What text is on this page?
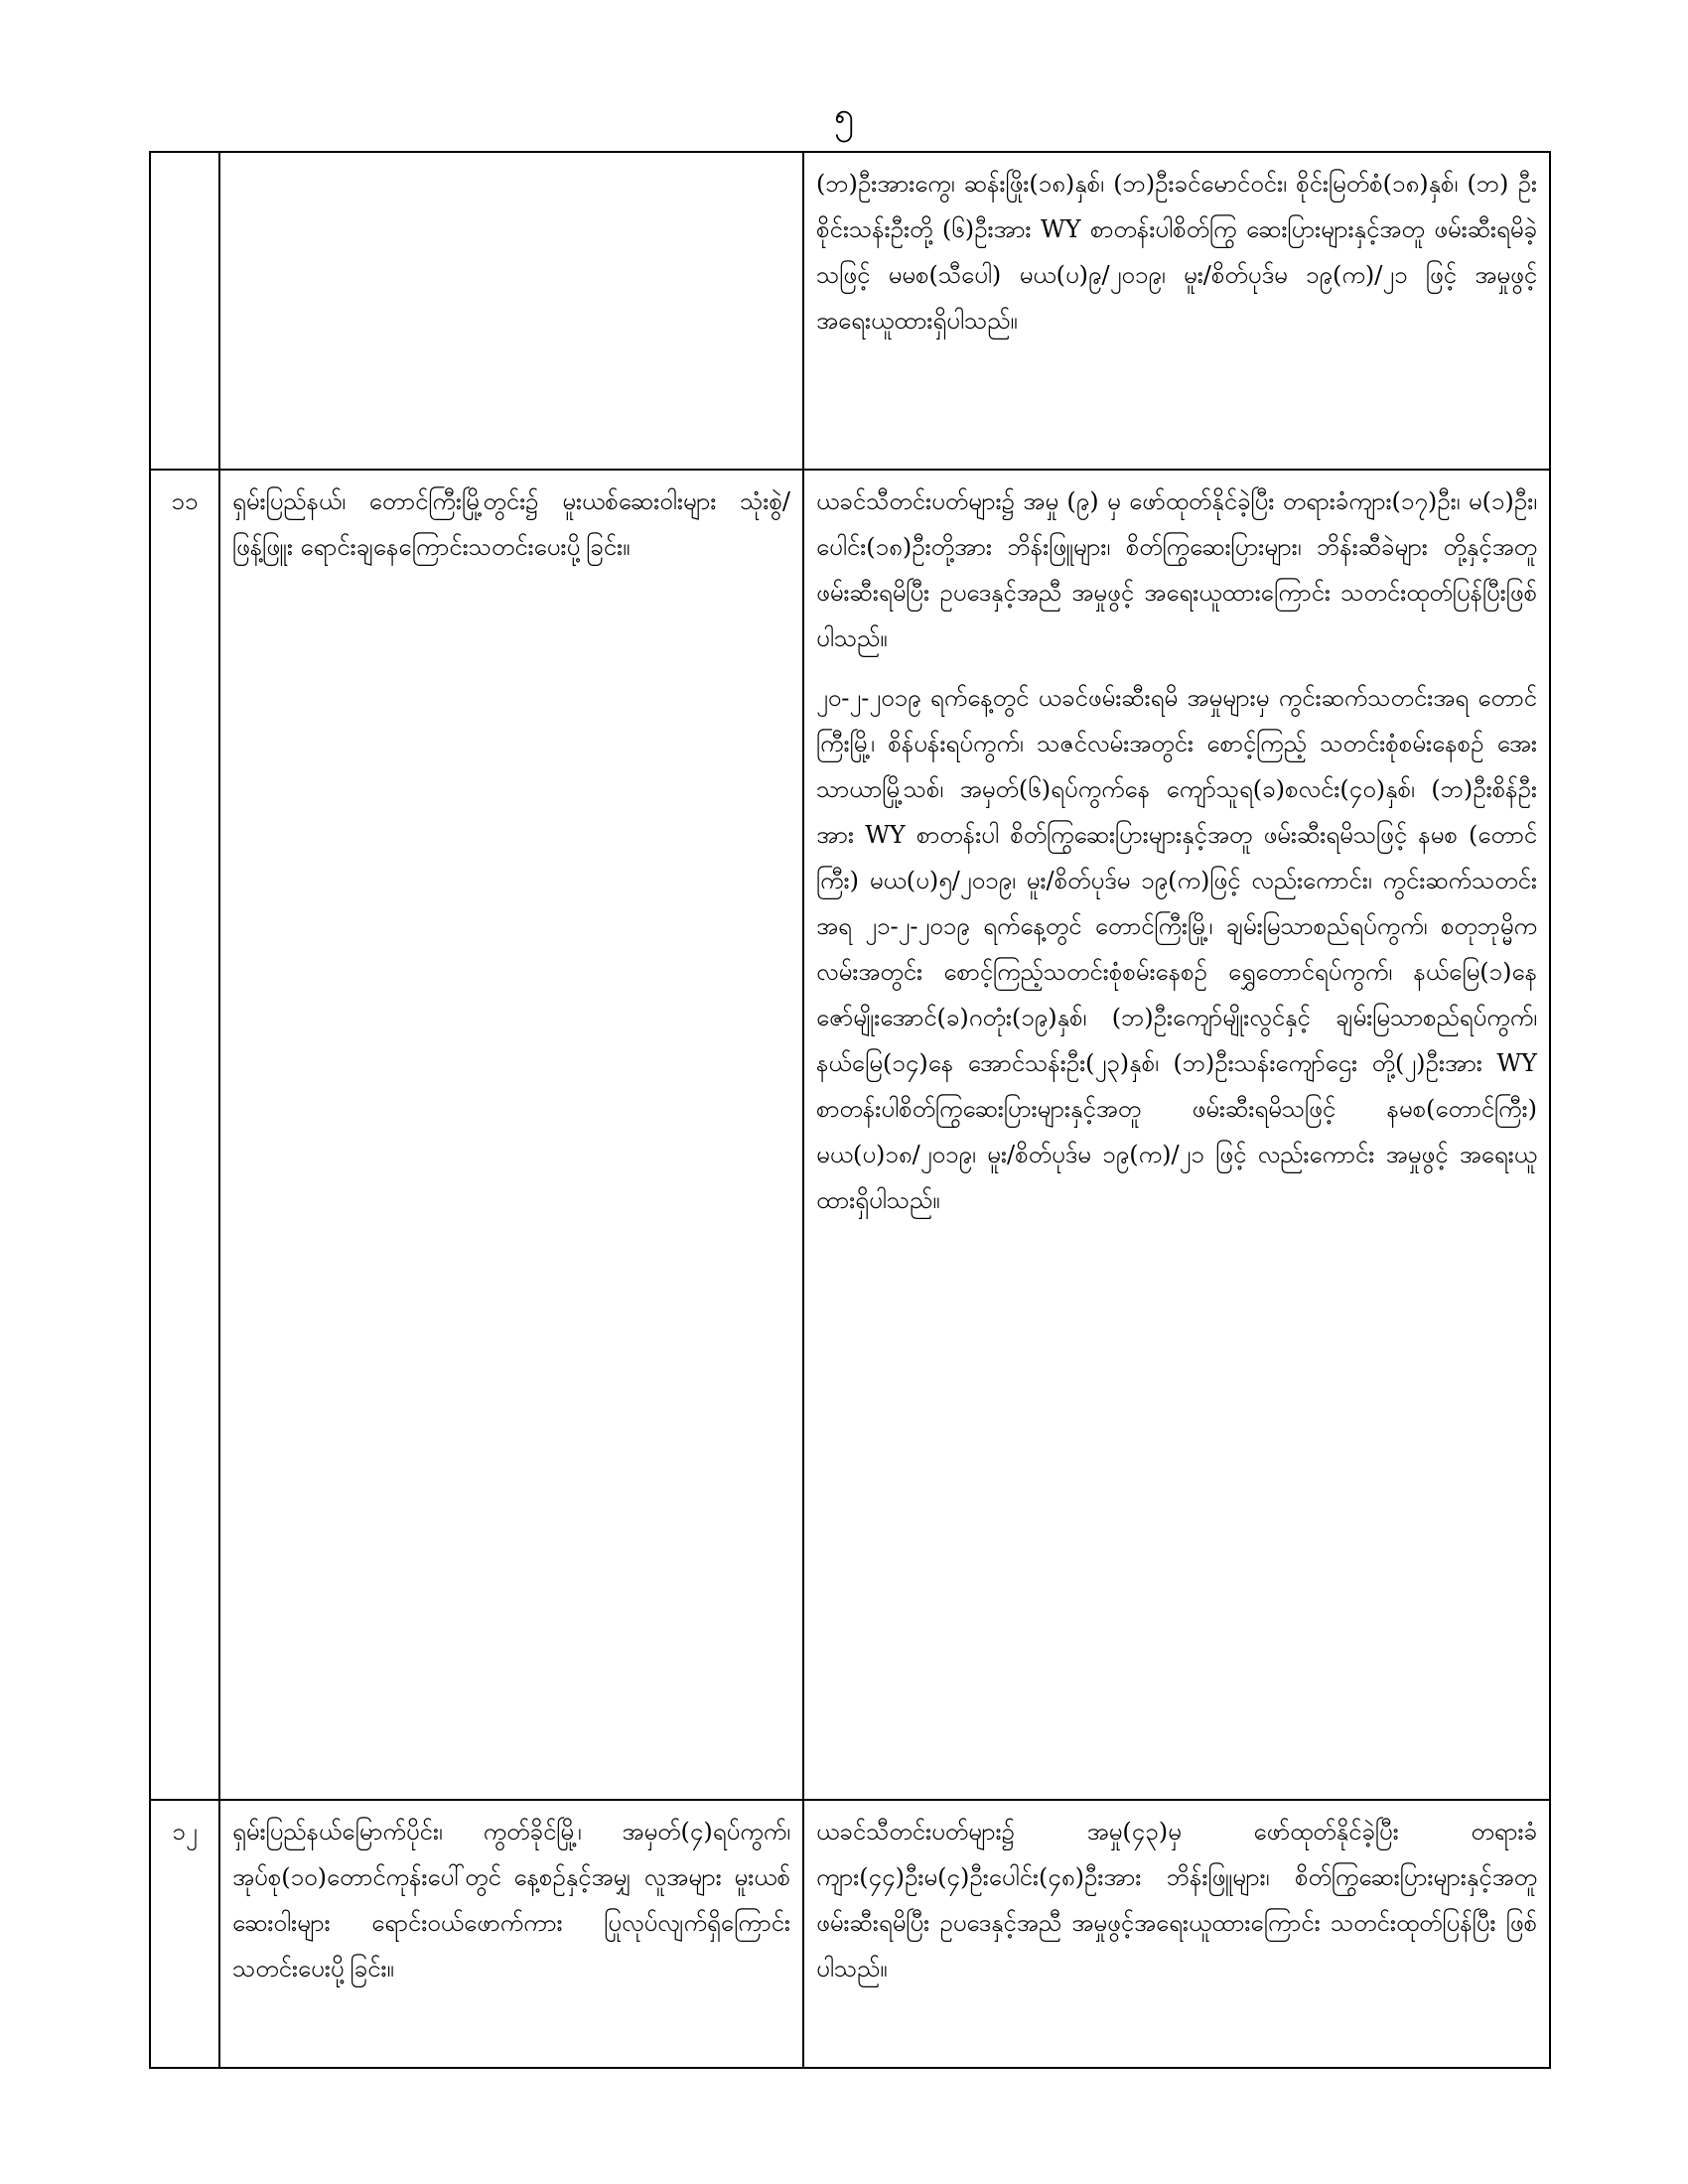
၅

		(ဘ)ဦးအားကွေ၊ ဆန်းဖြိုး(၁၈)နှစ်၊ (ဘ)ဦးခင်မောင်ဝင်း၊ စိုင်းမြတ်စံ(၁၈)နှစ်၊ (ဘ) ဦးစိုင်းသန်းဦးတို့ (၆)ဦးအား WY စာတန်းပါစိတ်ကြွ ဆေးပြားများနှင့်အတူ ဖမ်းဆီးရမိခဲ့သဖြင့် မမစ(သီပေါ) မယ(ပ)၉/၂၀၁၉၊ မူး/စိတ်ပုဒ်မ ၁၉(က)/၂၁ ဖြင့် အမှုဖွင့် အရေးယူထားရှိပါသည်။

၁၁	ရှမ်းပြည်နယ်၊ တောင်ကြီးမြို့တွင်း၌ မူးယစ်ဆေးဝါးများ သုံးစွဲ/ဖြန့်ဖြူး ရောင်းချနေကြောင်းသတင်းပေးပို့ခြင်း။	ယခင်သီတင်းပတ်များ၌ အမှု (၉) မှ ဖော်ထုတ်နိုင်ခဲ့ပြီး တရားခံကျား(၁၇)ဦး၊ မ(၁)ဦး၊ ပေါင်း(၁၈)ဦးတို့အား ဘိန်းဖြူများ၊ စိတ်ကြွဆေးပြားများ၊ ဘိန်းဆီခဲများ တို့နှင့်အတူဖမ်းဆီးရမိပြီး ဥပဒေနှင့်အညီ အမှုဖွင့် အရေးယူထားကြောင်း သတင်းထုတ်ပြန်ပြီးဖြစ် ပါသည်။

၂၀-၂-၂၀၁၉ ရက်နေ့တွင် ယခင်ဖမ်းဆီးရမိ အမှုများမှ ကွင်းဆက်သတင်းအရ တောင်ကြီးမြို့၊ စိန်ပန်းရပ်ကွက်၊ သဇင်လမ်းအတွင်း စောင့်ကြည့် သတင်းစုံစမ်းနေစဉ် အေးသာယာမြို့သစ်၊ အမှတ်(၆)ရပ်ကွက်နေ ကျော်သူရ(ခ)စလင်း(၄၀)နှစ်၊ (ဘ)ဦးစိန်ဦးအား WY စာတန်းပါ စိတ်ကြွဆေးပြားများနှင့်အတူ ဖမ်းဆီးရမိသဖြင့် နမစ (တောင်ကြီး) မယ(ပ)၅/၂၀၁၉၊ မူး/စိတ်ပုဒ်မ ၁၉(က)ဖြင့် လည်းကောင်း၊ ကွင်းဆက်သတင်းအရ ၂၁-၂-၂၀၁၉ ရက်နေ့တွင် တောင်ကြီးမြို့၊ ချမ်းမြသာစည်ရပ်ကွက်၊ စတုဘုမ္မိကလမ်းအတွင်း စောင့်ကြည့်သတင်းစုံစမ်းနေစဉ် ရွှေတောင်ရပ်ကွက်၊ နယ်မြေ(၁)နေ ဇော်မျိုးအောင်(ခ)ဂတုံး(၁၉)နှစ်၊ (ဘ)ဦးကျော်မျိုးလွင်နှင့် ချမ်းမြသာစည်ရပ်ကွက်၊ နယ်မြေ(၁၄)နေ အောင်သန်းဦး(၂၃)နှစ်၊ (ဘ)ဦးသန်းကျော်ဌေး တို့(၂)ဦးအား WY စာတန်းပါစိတ်ကြွဆေးပြားများနှင့်အတူ ဖမ်းဆီးရမိသဖြင့် နမစ(တောင်ကြီး) မယ(ပ)၁၈/၂၀၁၉၊ မူး/စိတ်ပုဒ်မ ၁၉(က)/၂၁ ဖြင့် လည်းကောင်း အမှုဖွင့် အရေးယူထားရှိပါသည်။

၁၂	ရှမ်းပြည်နယ်မြောက်ပိုင်း၊ ကွတ်ခိုင်မြို့၊ အမှတ်(၄)ရပ်ကွက်၊အုပ်စု(၁၀)တောင်ကုန်းပေါ်တွင် နေ့စဉ်နှင့်အမျှ လူအများ မူးယစ်ဆေးဝါးများ ရောင်းဝယ်ဖောက်ကား ပြုလုပ်လျက်ရှိကြောင်း သတင်းပေးပို့ခြင်း။	ယခင်သီတင်းပတ်များ၌ အမှု(၄၃)မှ ဖော်ထုတ်နိုင်ခဲ့ပြီး တရားခံကျား(၄၄)ဦးမ(၄)ဦးပေါင်း(၄၈)ဦးအား ဘိန်းဖြူများ၊ စိတ်ကြွဆေးပြားများနှင့်အတူ ဖမ်းဆီးရမိပြီး ဥပဒေနှင့်အညီ အမှုဖွင့်အရေးယူထားကြောင်း သတင်းထုတ်ပြန်ပြီး ဖြစ်ပါသည်။
